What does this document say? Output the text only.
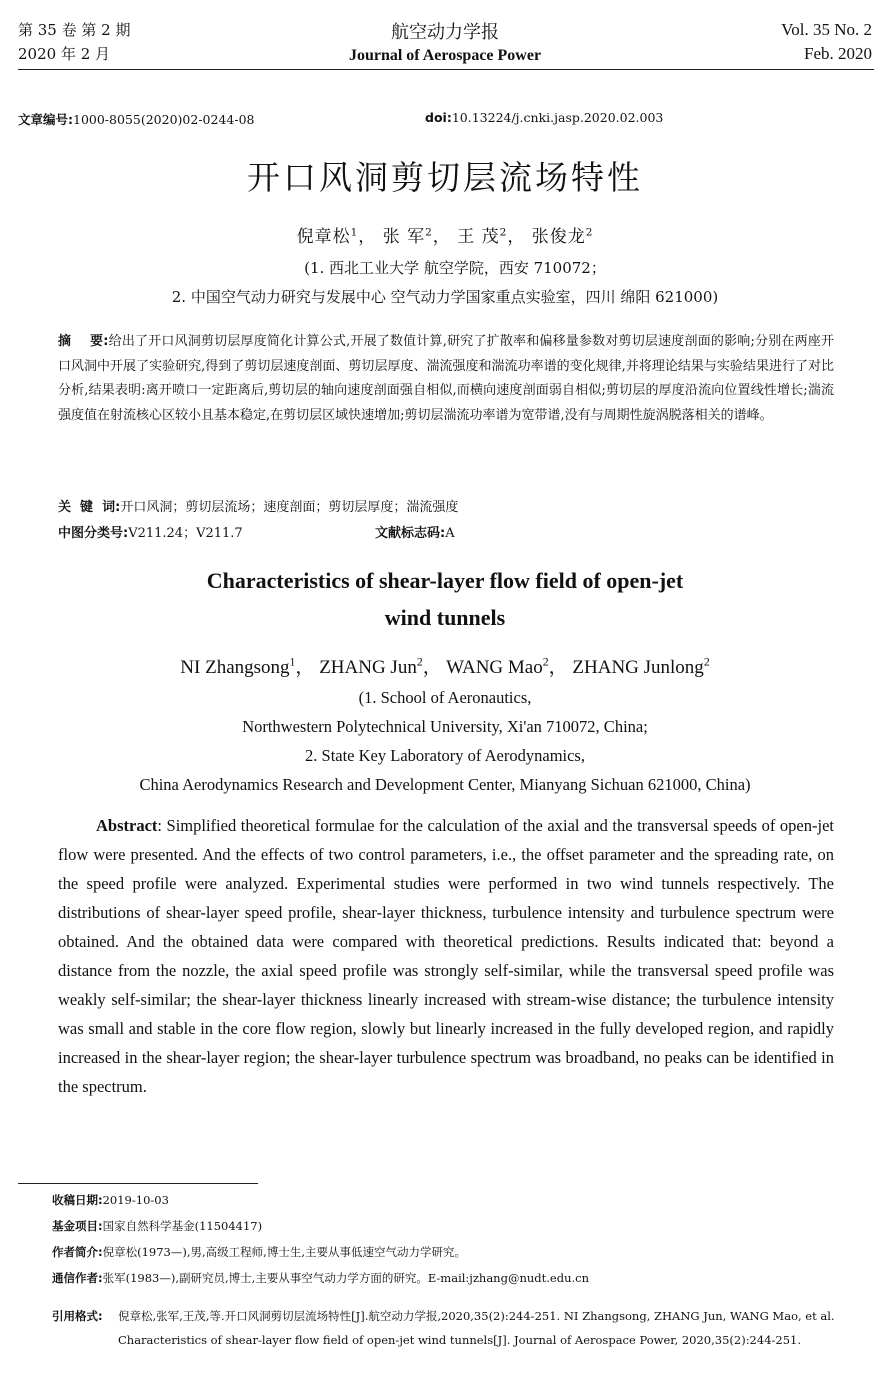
第 35 卷 第 2 期
2020 年 2 月
航空动力学报
Journal of Aerospace Power
Vol. 35 No. 2
Feb. 2020
文章编号:1000-8055(2020)02-0244-08	doi:10.13224/j.cnki.jasp.2020.02.003
开口风洞剪切层流场特性
倪章松$^1$， 张 军$^2$， 王 茂$^2$， 张俊龙$^2$
(1. 西北工业大学 航空学院，西安 710072；
2. 中国空气动力研究与发展中心 空气动力学国家重点实验室，四川 绵阳 621000)
摘    要:给出了开口风洞剪切层厚度简化计算公式,开展了数值计算,研究了扩散率和偏移量参数对剪切层速度剖面的影响;分别在两座开口风洞中开展了实验研究,得到了剪切层速度剖面、剪切层厚度、湍流强度和湍流功率谱的变化规律,并将理论结果与实验结果进行了对比分析,结果表明:离开喷口一定距离后,剪切层的轴向速度剖面强自相似,而横向速度剖面弱自相似;剪切层的厚度沿流向位置线性增长;湍流强度值在射流核心区较小且基本稳定,在剪切层区域快速增加;剪切层湍流功率谱为宽带谱,没有与周期性旋涡脱落相关的谱峰。
关  键  词:开口风洞；剪切层流场；速度剖面；剪切层厚度；湍流强度
中图分类号:V211.24；V211.7	文献标志码:A
Characteristics of shear-layer flow field of open-jet
wind tunnels
NI Zhangsong$^1$， ZHANG Jun$^2$， WANG Mao$^2$， ZHANG Junlong$^2$
(1. School of Aeronautics,
Northwestern Polytechnical University, Xi'an 710072, China;
2. State Key Laboratory of Aerodynamics,
China Aerodynamics Research and Development Center, Mianyang Sichuan 621000, China)
Abstract: Simplified theoretical formulae for the calculation of the axial and the transversal speeds of open-jet flow were presented. And the effects of two control parameters, i.e., the offset parameter and the spreading rate, on the speed profile were analyzed. Experimental studies were performed in two wind tunnels respectively. The distributions of shear-layer speed profile, shear-layer thickness, turbulence intensity and turbulence spectrum were obtained. And the obtained data were compared with theoretical predictions. Results indicated that: beyond a distance from the nozzle, the axial speed profile was strongly self-similar, while the transversal speed profile was weakly self-similar; the shear-layer thickness linearly increased with stream-wise distance; the turbulence intensity was small and stable in the core flow region, slowly but linearly increased in the fully developed region, and rapidly increased in the shear-layer region; the shear-layer turbulence spectrum was broadband, no peaks can be identified in the spectrum.
收稿日期:2019-10-03
基金项目:国家自然科学基金(11504417)
作者简介:倪章松(1973—),男,高级工程师,博士生,主要从事低速空气动力学研究。
通信作者:张军(1983—),副研究员,博士,主要从事空气动力学方面的研究。E-mail:jzhang@nudt.edu.cn
引用格式:	倪章松,张军,王茂,等.开口风洞剪切层流场特性[J].航空动力学报,2020,35(2):244-251. NI Zhangsong, ZHANG Jun, WANG Mao, et al. Characteristics of shear-layer flow field of open-jet wind tunnels[J]. Journal of Aerospace Power, 2020,35(2):244-251.
